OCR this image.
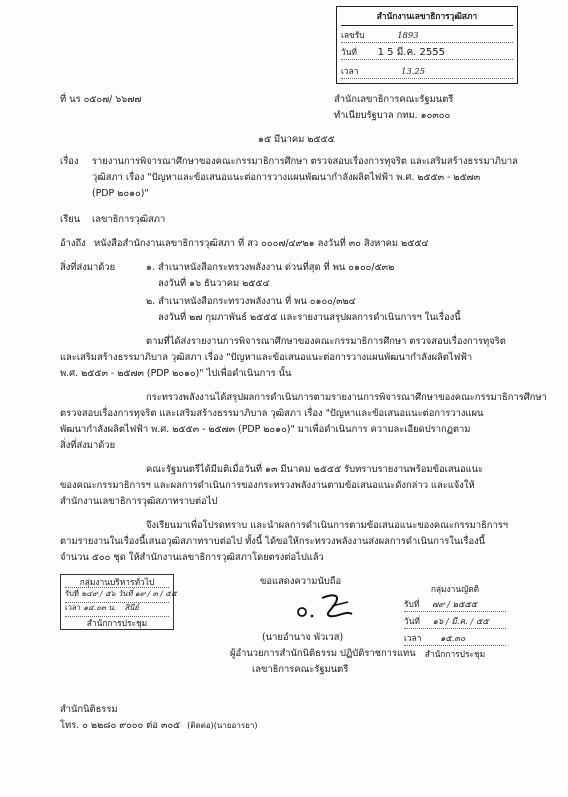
สำนักงานเลขาธิการวุฒิสภา
เลขรับ	1893
วันที่ 1 5 มี.ค. 2555
เวลา	13.25
ที่ นร ๐๕๐๗/ ๖๖๗๗	สำนักเลขาธิการคณะรัฐมนตรี
ทำเนียบรัฐบาล กทม. ๑๐๓๐๐
๑๕ มีนาคม ๒๕๕๕
เรื่อง รายงานการพิจารณาศึกษาของคณะกรรมาธิการศึกษา ตรวจสอบเรื่องการทุจริต และเสริมสร้างธรรมาภิบาล
วุฒิสภา เรื่อง "ปัญหาและข้อเสนอแนะต่อการวางแผนพัฒนากำลังผลิตไฟฟ้า พ.ศ. ๒๕๕๓ - ๒๕๗๓
(PDP ๒๐๑๐)"
เรียน เลขาธิการวุฒิสภา
อ้างถึง หนังสือสำนักงานเลขาธิการวุฒิสภา ที่ สว ๐๐๐๗/๔๙๒๑ ลงวันที่ ๓๐ สิงหาคม ๒๕๕๔
สิ่งที่ส่งมาด้วย	๑. สำเนาหนังสือกระทรวงพลังงาน ด่วนที่สุด ที่ พน ๐๑๐๐/๕๓๒
ลงวันที่ ๑๖ ธันวาคม ๒๕๕๔
๒. สำเนาหนังสือกระทรวงพลังงาน ที่ พน ๐๑๐๐/๓๒๔
ลงวันที่ ๒๗ กุมภาพันธ์ ๒๕๕๕ และรายงานสรุปผลการดำเนินการฯ ในเรื่องนี้
ตามที่ได้ส่งรายงานการพิจารณาศึกษาของคณะกรรมาธิการศึกษา ตรวจสอบเรื่องการทุจริต
และเสริมสร้างธรรมาภิบาล วุฒิสภา เรื่อง "ปัญหาและข้อเสนอแนะต่อการวางแผนพัฒนากำลังผลิตไฟฟ้า
พ.ศ. ๒๕๕๓ - ๒๕๗๓ (PDP ๒๐๑๐)" ไปเพื่อดำเนินการ นั้น
กระทรวงพลังงานได้สรุปผลการดำเนินการตามรายงานการพิจารณาศึกษาของคณะกรรมาธิการศึกษา
ตรวจสอบเรื่องการทุจริต และเสริมสร้างธรรมาภิบาล วุฒิสภา เรื่อง "ปัญหาและข้อเสนอแนะต่อการวางแผน
พัฒนากำลังผลิตไฟฟ้า พ.ศ. ๒๕๕๓ - ๒๕๗๓ (PDP ๒๐๑๐)" มาเพื่อดำเนินการ ความละเอียดปรากฏตาม
สิ่งที่ส่งมาด้วย
คณะรัฐมนตรีได้มีมติเมื่อวันที่ ๑๓ มีนาคม ๒๕๕๕ รับทราบรายงานพร้อมข้อเสนอแนะ
ของคณะกรรมาธิการฯ และผลการดำเนินการของกระทรวงพลังงานตามข้อเสนอแนะดังกล่าว และแจ้งให้
สำนักงานเลขาธิการวุฒิสภาทราบต่อไป
จึงเรียนมาเพื่อโปรดทราบ และนำผลการดำเนินการตามข้อเสนอแนะของคณะกรรมาธิการฯ
ตามรายงานในเรื่องนี้เสนอวุฒิสภาทราบต่อไป ทั้งนี้ ได้ขอให้กระทรวงพลังงานส่งผลการดำเนินการในเรื่องนี้
จำนวน ๕๐๐ ชุด ให้สำนักงานเลขาธิการวุฒิสภาโดยตรงต่อไปแล้ว
กลุ่มงานบริหารทั่วไป
รับที่ ๒๔๙ / ๕๖ วันที่ ๑๙ / ๓ / ๕๕
เวลา ๑๔.๐๓ น. สินีย์
สำนักการประชุม
ขอแสดงความนับถือ
(นายอำนาจ พัวเวส)
ผู้อำนวยการสำนักนิติธรรม ปฏิบัติราชการแทน
เลขาธิการคณะรัฐมนตรี
กลุ่มงานญัตติ
รับที่ ๗๙ / ๒๕๕๕
วันที่ ๑๖ / มี.ค. / ๕๕
เวลา ๑๕.๓๐
สำนักการประชุม
สำนักนิติธรรม
โทร. ๐ ๒๒๘๐ ๙๐๐๐ ต่อ ๓๐๕ (ติดต่อ)(นายอารยา)
